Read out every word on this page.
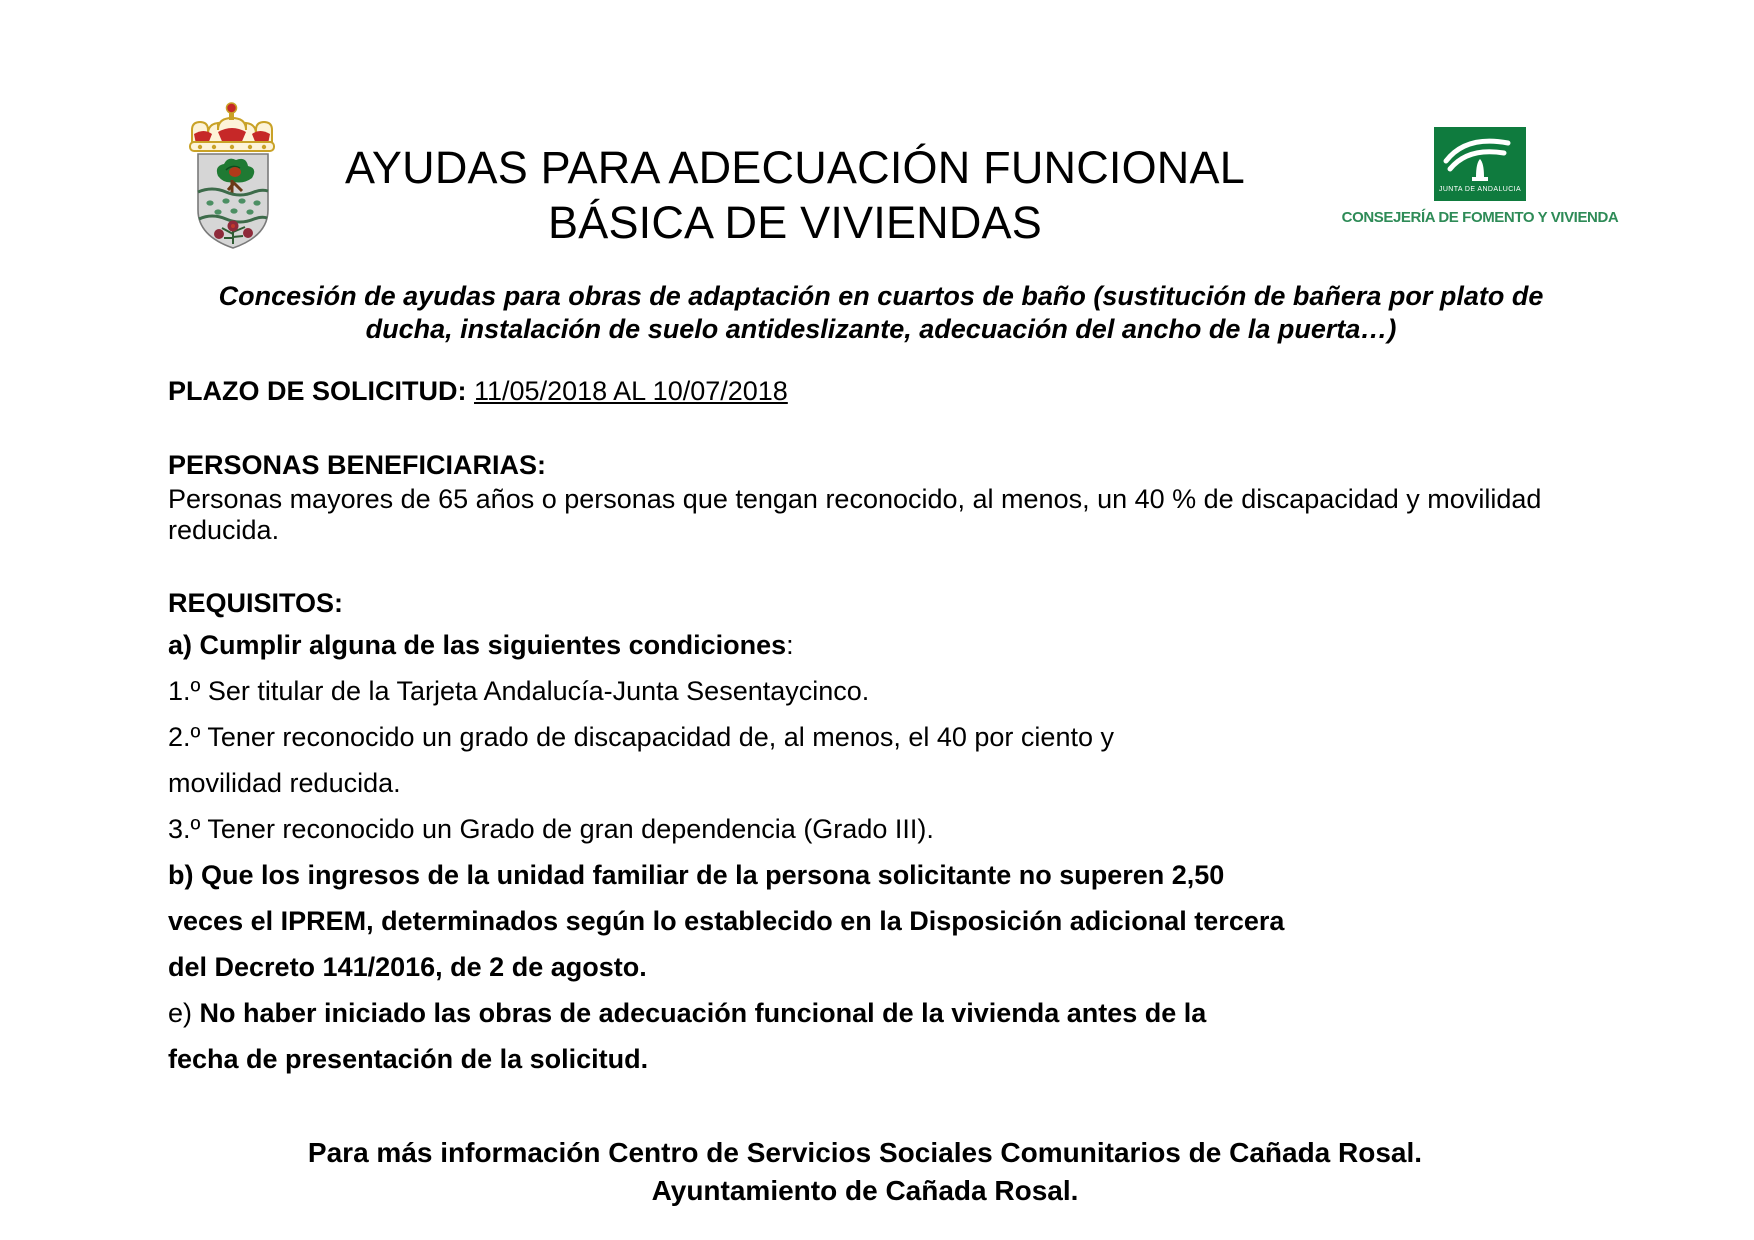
AYUDAS PARA ADECUACIÓN FUNCIONAL
BÁSICA DE VIVIENDAS
JUNTA DE ANDALUCIA
CONSEJERÍA DE FOMENTO Y VIVIENDA
Concesión de ayudas para obras de adaptación en cuartos de baño (sustitución de bañera por plato de ducha, instalación de suelo antideslizante, adecuación del ancho de la puerta…)
PLAZO DE SOLICITUD: 11/05/2018 AL 10/07/2018
PERSONAS BENEFICIARIAS:
Personas mayores de 65 años o personas que tengan reconocido, al menos, un 40 % de discapacidad y movilidad reducida.
REQUISITOS:
a) Cumplir alguna de las siguientes condiciones:
1.º Ser titular de la Tarjeta Andalucía-Junta Sesentaycinco.
2.º Tener reconocido un grado de discapacidad de, al menos, el 40 por ciento y
movilidad reducida.
3.º Tener reconocido un Grado de gran dependencia (Grado III).
b) Que los ingresos de la unidad familiar de la persona solicitante no superen 2,50
veces el IPREM, determinados según lo establecido en la Disposición adicional tercera
del Decreto 141/2016, de 2 de agosto.
e) No haber iniciado las obras de adecuación funcional de la vivienda antes de la
fecha de presentación de la solicitud.
Para más información Centro de Servicios Sociales Comunitarios de Cañada Rosal.
Ayuntamiento de Cañada Rosal.
